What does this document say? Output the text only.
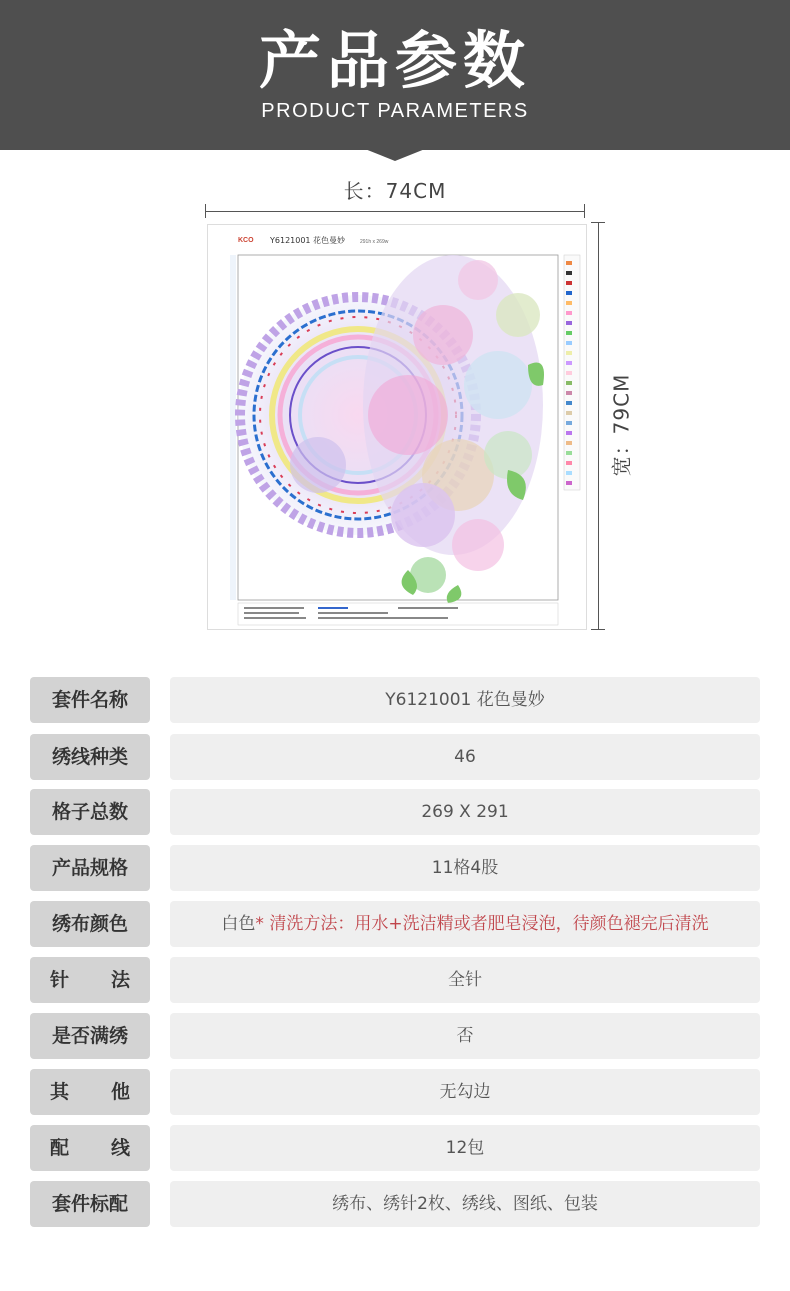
产品参数
PRODUCT PARAMETERS
长：74CM
宽：79CM
KCO Y6121001 花色曼妙	291h x 269w
套件名称	Y6121001 花色曼妙
绣线种类	46
格子总数	269 X 291
产品规格	11格4股
绣布颜色	白色* 清洗方法：用水+洗洁精或者肥皂浸泡，待颜色褪完后清洗
针 法	全针
是否满绣	否
其 他	无勾边
配 线	12包
套件标配	绣布、绣针2枚、绣线、图纸、包装
